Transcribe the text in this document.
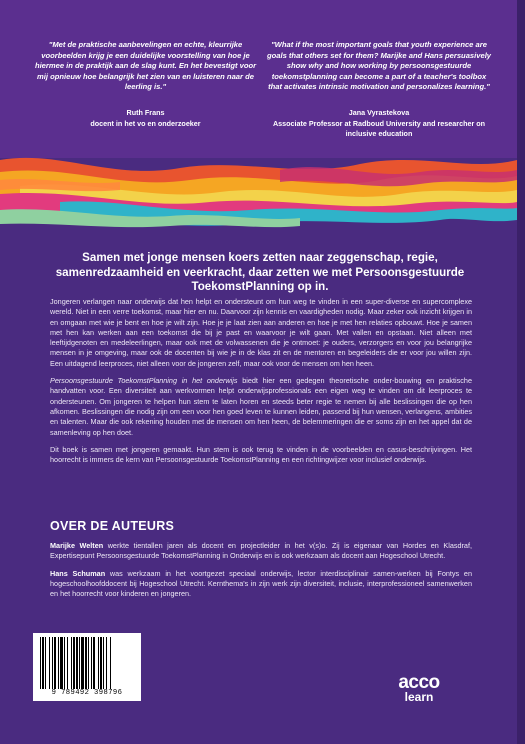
"Met de praktische aanbevelingen en echte, kleurrijke voorbeelden krijg je een duidelijke voorstelling van hoe je hiermee in de praktijk aan de slag kunt. En het bevestigt voor mij opnieuw hoe belangrijk het zien van en luisteren naar de leerling is."
"What if the most important goals that youth experience are goals that others set for them? Marijke and Hans persuasively show why and how working by persoonsgestuurde toekomstplanning can become a part of a teacher's toolbox that activates intrinsic motivation and personalizes learning."
Ruth Frans
docent in het vo en onderzoeker
Jana Vyrastekova
Associate Professor at Radboud University and researcher on inclusive education
Samen met jonge mensen koers zetten naar zeggenschap, regie, samenredzaamheid en veerkracht, daar zetten we met Persoonsgestuurde ToekomstPlanning op in.

Jongeren verlangen naar onderwijs dat hen helpt en ondersteunt om hun weg te vinden in een super-diverse en supercomplexe wereld. Niet in een verre toekomst, maar hier en nu. Daarvoor zijn kennis en vaardigheden nodig. Maar zeker ook inzicht krijgen in en omgaan met wie je bent en hoe je wilt zijn. Hoe je je laat zien aan anderen en hoe je met hen relaties opbouwt. Hoe je samen met hen kan werken aan een toekomst die bij je past en waarvoor je wilt gaan. Met vallen en opstaan. Niet alleen met leeftijdgenoten en medeleerlingen, maar ook met de volwassenen die je ontmoet: je ouders, verzorgers en voor jou belangrijke mensen in je omgeving, maar ook de docenten bij wie je in de klas zit en de mentoren en begeleiders die er voor jou willen zijn. Een uitdagend leerproces, niet alleen voor de jongeren zelf, maar ook voor de mensen om hen heen.

Persoonsgestuurde ToekomstPlanning in het onderwijs biedt hier een gedegen theoretische onder-bouwing en praktische handvatten voor. Een diversiteit aan werkvormen helpt onderwijsprofessionals een eigen weg te vinden om dit leerproces te ondersteunen. Om jongeren te helpen hun stem te laten horen en steeds beter regie te nemen bij alle beslissingen die op hen afkomen. Beslissingen die nodig zijn om een voor hen goed leven te kunnen leiden, passend bij hun wensen, verlangens, ambities en talenten. Maar die ook rekening houden met de mensen om hen heen, de belemmeringen die er soms zijn en het appel dat de samenleving op hen doet.

Dit boek is samen met jongeren gemaakt. Hun stem is ook terug te vinden in de voorbeelden en casus-beschrijvingen. Het hoorrecht is immers de kern van Persoonsgestuurde ToekomstPlanning en een richtingwijzer voor inclusief onderwijs.

OVER DE AUTEURS

Marijke Welten werkte tientallen jaren als docent en projectleider in het v(s)o. Zij is eigenaar van Hordes en Klasdraf, Expertisepunt Persoonsgestuurde ToekomstPlanning in Onderwijs en is ook werkzaam als docent aan Hogeschool Utrecht.

Hans Schuman was werkzaam in het voortgezet speciaal onderwijs, lector interdisciplinair samen-werken bij Fontys en hogeschoolhoofddocent bij Hogeschool Utrecht. Kernthema's in zijn werk zijn diversiteit, inclusie, interprofessioneel samenwerken en het hoorrecht voor kinderen en jongeren.

9 789492 398796	acco
learn
